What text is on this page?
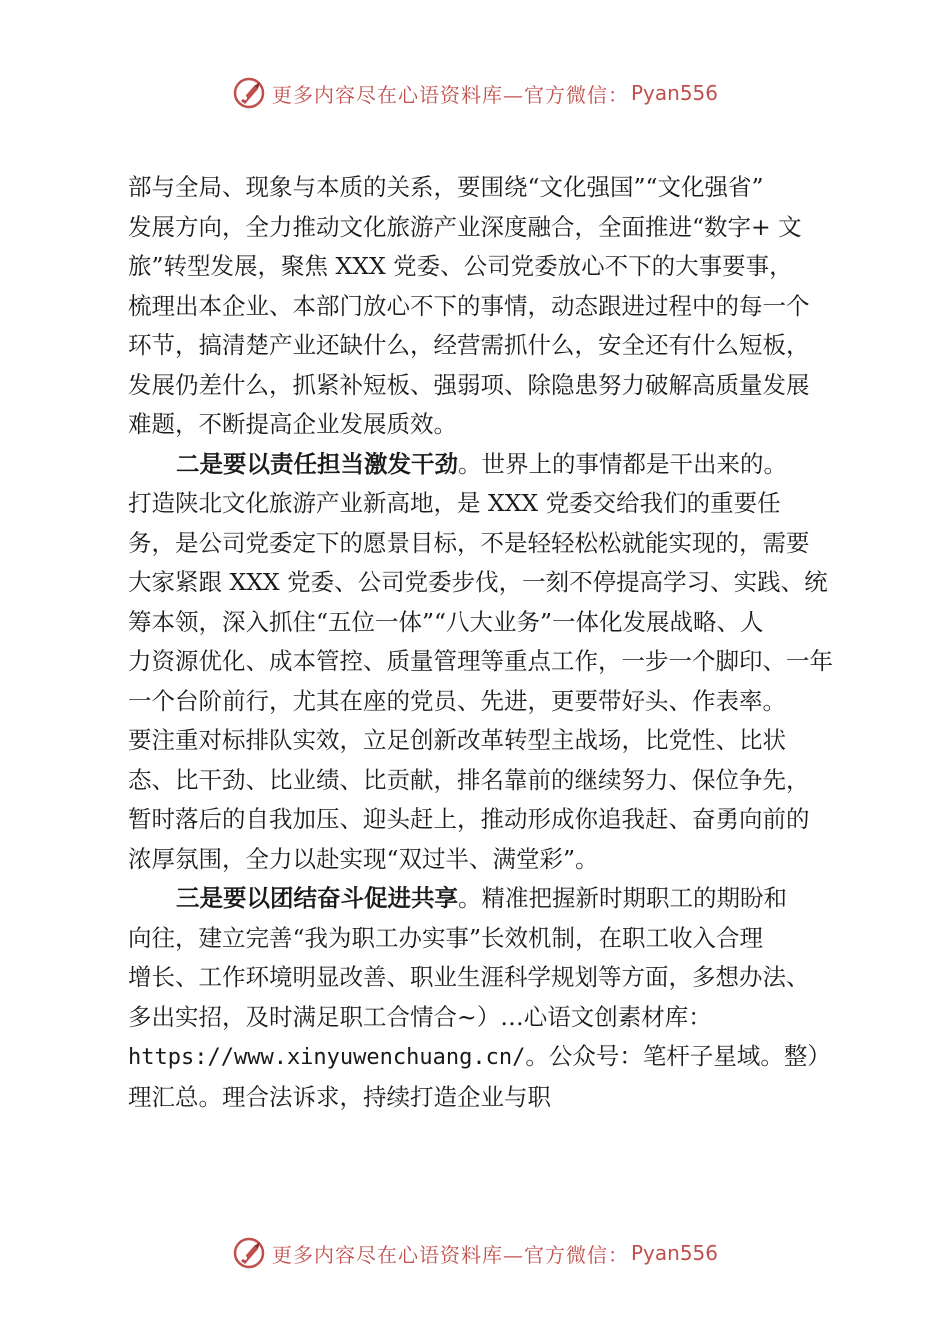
更多内容尽在心语资料库—官方微信： Pyan556
部与全局、现象与本质的关系，要围绕“文化强国”“文化强省”
发展方向，全力推动文化旅游产业深度融合，全面推进“数字+ 文
旅”转型发展，聚焦 XXX 党委、公司党委放心不下的大事要事，
梳理出本企业、本部门放心不下的事情，动态跟进过程中的每一个
环节，搞清楚产业还缺什么，经营需抓什么，安全还有什么短板，
发展仍差什么，抓紧补短板、强弱项、除隐患努力破解高质量发展
难题，不断提高企业发展质效。
二是要以责任担当激发干劲。世界上的事情都是干出来的。
打造陕北文化旅游产业新高地，是 XXX 党委交给我们的重要任
务，是公司党委定下的愿景目标，不是轻轻松松就能实现的，需要
大家紧跟 XXX 党委、公司党委步伐，一刻不停提高学习、实践、统
筹本领，深入抓住“五位一体”“八大业务”一体化发展战略、人
力资源优化、成本管控、质量管理等重点工作，一步一个脚印、一年
一个台阶前行，尤其在座的党员、先进，更要带好头、作表率。
要注重对标排队实效，立足创新改革转型主战场，比党性、比状
态、比干劲、比业绩、比贡献，排名靠前的继续努力、保位争先，
暂时落后的自我加压、迎头赶上，推动形成你追我赶、奋勇向前的
浓厚氛围，全力以赴实现“双过半、满堂彩”。
三是要以团结奋斗促进共享。精准把握新时期职工的期盼和
向往，建立完善“我为职工办实事”长效机制，在职工收入合理
增长、工作环境明显改善、职业生涯科学规划等方面，多想办法、
多出实招，及时满足职工合情合~）…心语文创素材库：
https://www.xinyuwenchuang.cn/。公众号：笔杆子星域。整）
理汇总。理合法诉求，持续打造企业与职
更多内容尽在心语资料库—官方微信： Pyan556
